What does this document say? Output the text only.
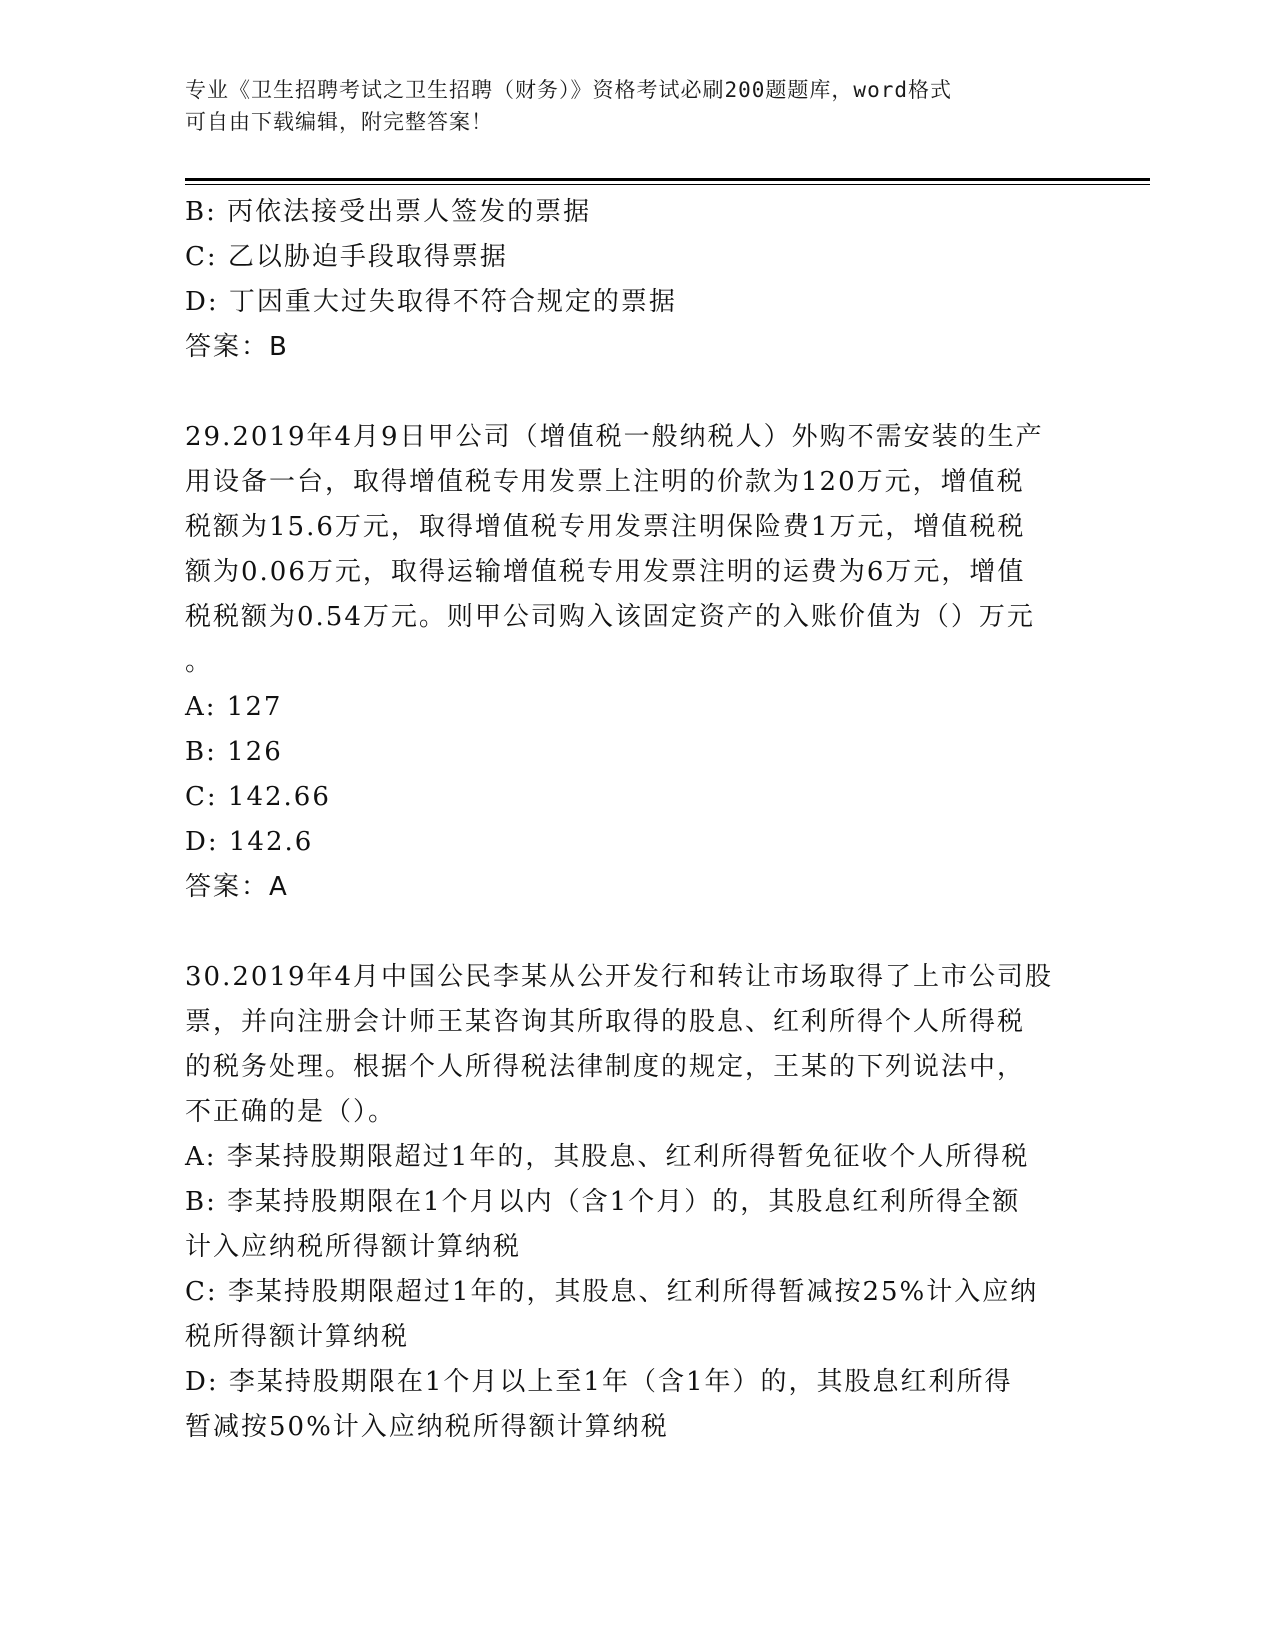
专业《卫生招聘考试之卫生招聘（财务）》资格考试必刷200题题库，word格式
可自由下载编辑，附完整答案！
B: 丙依法接受出票人签发的票据
C: 乙以胁迫手段取得票据
D: 丁因重大过失取得不符合规定的票据
答案：B
29.2019年4月9日甲公司（增值税一般纳税人）外购不需安装的生产
用设备一台，取得增值税专用发票上注明的价款为120万元，增值税
税额为15.6万元，取得增值税专用发票注明保险费1万元，增值税税
额为0.06万元，取得运输增值税专用发票注明的运费为6万元，增值
税税额为0.54万元。则甲公司购入该固定资产的入账价值为（）万元
。
A: 127
B: 126
C: 142.66
D: 142.6
答案：A
30.2019年4月中国公民李某从公开发行和转让市场取得了上市公司股
票，并向注册会计师王某咨询其所取得的股息、红利所得个人所得税
的税务处理。根据个人所得税法律制度的规定，王某的下列说法中，
不正确的是（）。
A: 李某持股期限超过1年的，其股息、红利所得暂免征收个人所得税
B: 李某持股期限在1个月以内（含1个月）的，其股息红利所得全额
计入应纳税所得额计算纳税
C: 李某持股期限超过1年的，其股息、红利所得暂减按25%计入应纳
税所得额计算纳税
D: 李某持股期限在1个月以上至1年（含1年）的，其股息红利所得
暂减按50%计入应纳税所得额计算纳税
